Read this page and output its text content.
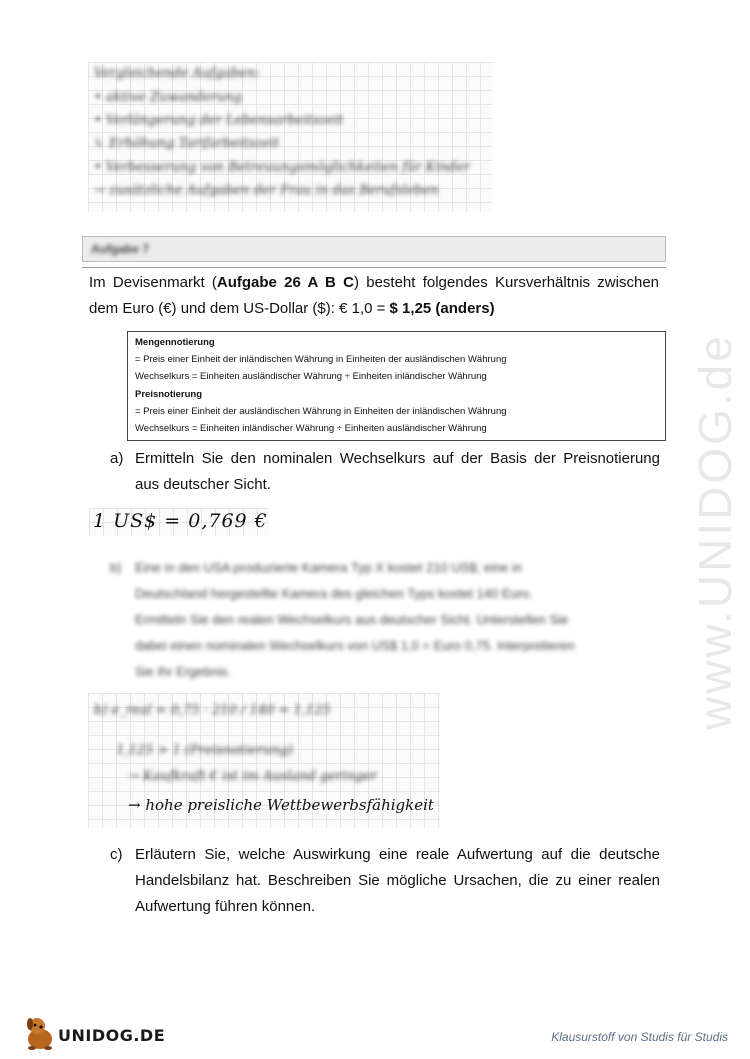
Vergleichende Aufgaben:
• aktive Zuwanderung
• Verlängerung der Lebensarbeitszeit
↳ Erhöhung Tarifarbeitszeit
• Verbesserung von Betreuungsmöglichkeiten für Kinder
→ zusätzliche Aufgaben der Frau in das Berufsleben
Aufgabe 7
Im Devisenmarkt (Aufgabe 26 A B C) besteht folgendes Kursverhältnis zwischen
dem Euro (€) und dem US-Dollar ($): € 1,0 = $ 1,25 (anders)
Mengennotierung
= Preis einer Einheit der inländischen Währung in Einheiten der ausländischen Währung
Wechselkurs = Einheiten ausländischer Währung ÷ Einheiten inländischer Währung
Preisnotierung
= Preis einer Einheit der ausländischen Währung in Einheiten der inländischen Währung
Wechselkurs = Einheiten inländischer Währung ÷ Einheiten ausländischer Währung
a) Ermitteln Sie den nominalen Wechselkurs auf der Basis der Preisnotierung
aus deutscher Sicht.
1 US$ = 0,769 €
b) Eine in den USA produzierte Kamera Typ X kostet 210 US$; eine in
Deutschland hergestellte Kamera des gleichen Typs kostet 140 Euro.
Ermitteln Sie den realen Wechselkurs aus deutscher Sicht. Unterstellen Sie
dabei einen nominalen Wechselkurs von US$ 1,0 = Euro 0,75. Interpretieren
Sie Ihr Ergebnis.
b) e_real = 0,75 · 210 / 140 = 1,125
1,125 > 1 (Preisnotierung)
→ Kaufkraft € ist im Ausland geringer
→ hohe preisliche Wettbewerbsfähigkeit
c) Erläutern Sie, welche Auswirkung eine reale Aufwertung auf die deutsche
Handelsbilanz hat. Beschreiben Sie mögliche Ursachen, die zu einer realen
Aufwertung führen können.
www.UNIDOG.de
UNIDOG.DE	Klausurstoff von Studis für Studis
